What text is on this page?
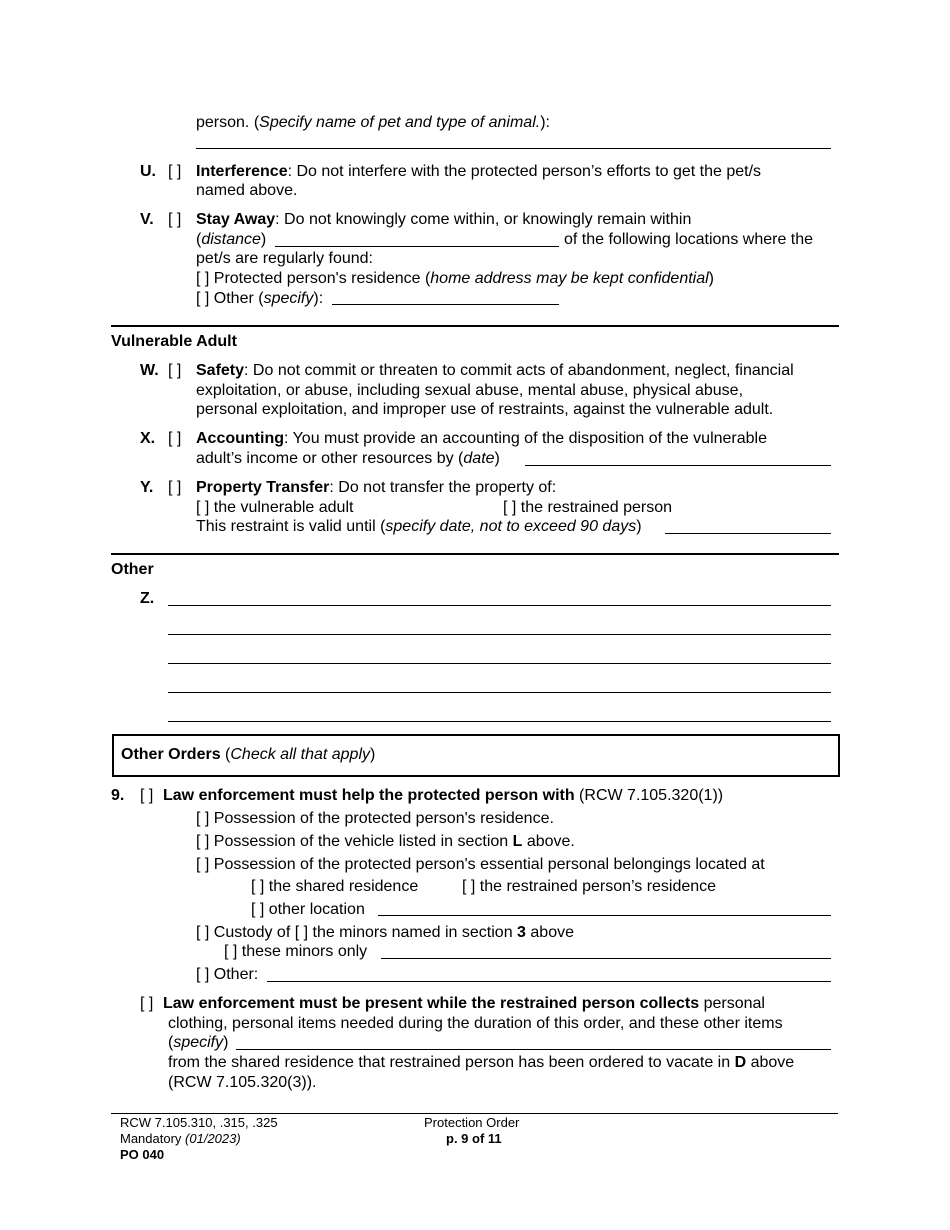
person. (Specify name of pet and type of animal.):
U. [ ] Interference: Do not interfere with the protected person’s efforts to get the pet/s
named above.
V. [ ] Stay Away: Do not knowingly come within, or knowingly remain within
(distance)	of the following locations where the
pet/s are regularly found:
[ ] Protected person's residence (home address may be kept confidential)
[ ] Other (specify):
Vulnerable Adult
W. [ ] Safety: Do not commit or threaten to commit acts of abandonment, neglect, financial
exploitation, or abuse, including sexual abuse, mental abuse, physical abuse,
personal exploitation, and improper use of restraints, against the vulnerable adult.
X. [ ] Accounting: You must provide an accounting of the disposition of the vulnerable
adult’s income or other resources by (date)
Y. [ ] Property Transfer: Do not transfer the property of:
[ ] the vulnerable adult	[ ] the restrained person
This restraint is valid until (specify date, not to exceed 90 days)
Other
Z.
Other Orders (Check all that apply)
9. [ ] Law enforcement must help the protected person with (RCW 7.105.320(1))
[ ] Possession of the protected person's residence.
[ ] Possession of the vehicle listed in section L above.
[ ] Possession of the protected person's essential personal belongings located at
[ ] the shared residence	[ ] the restrained person’s residence
[ ] other location
[ ] Custody of [ ] the minors named in section 3 above
[ ] these minors only
[ ] Other:
[ ] Law enforcement must be present while the restrained person collects personal
clothing, personal items needed during the duration of this order, and these other items
(specify)
from the shared residence that restrained person has been ordered to vacate in D above
(RCW 7.105.320(3)).
RCW 7.105.310, .315, .325
Mandatory (01/2023)
PO 040
Protection Order
p. 9 of 11
